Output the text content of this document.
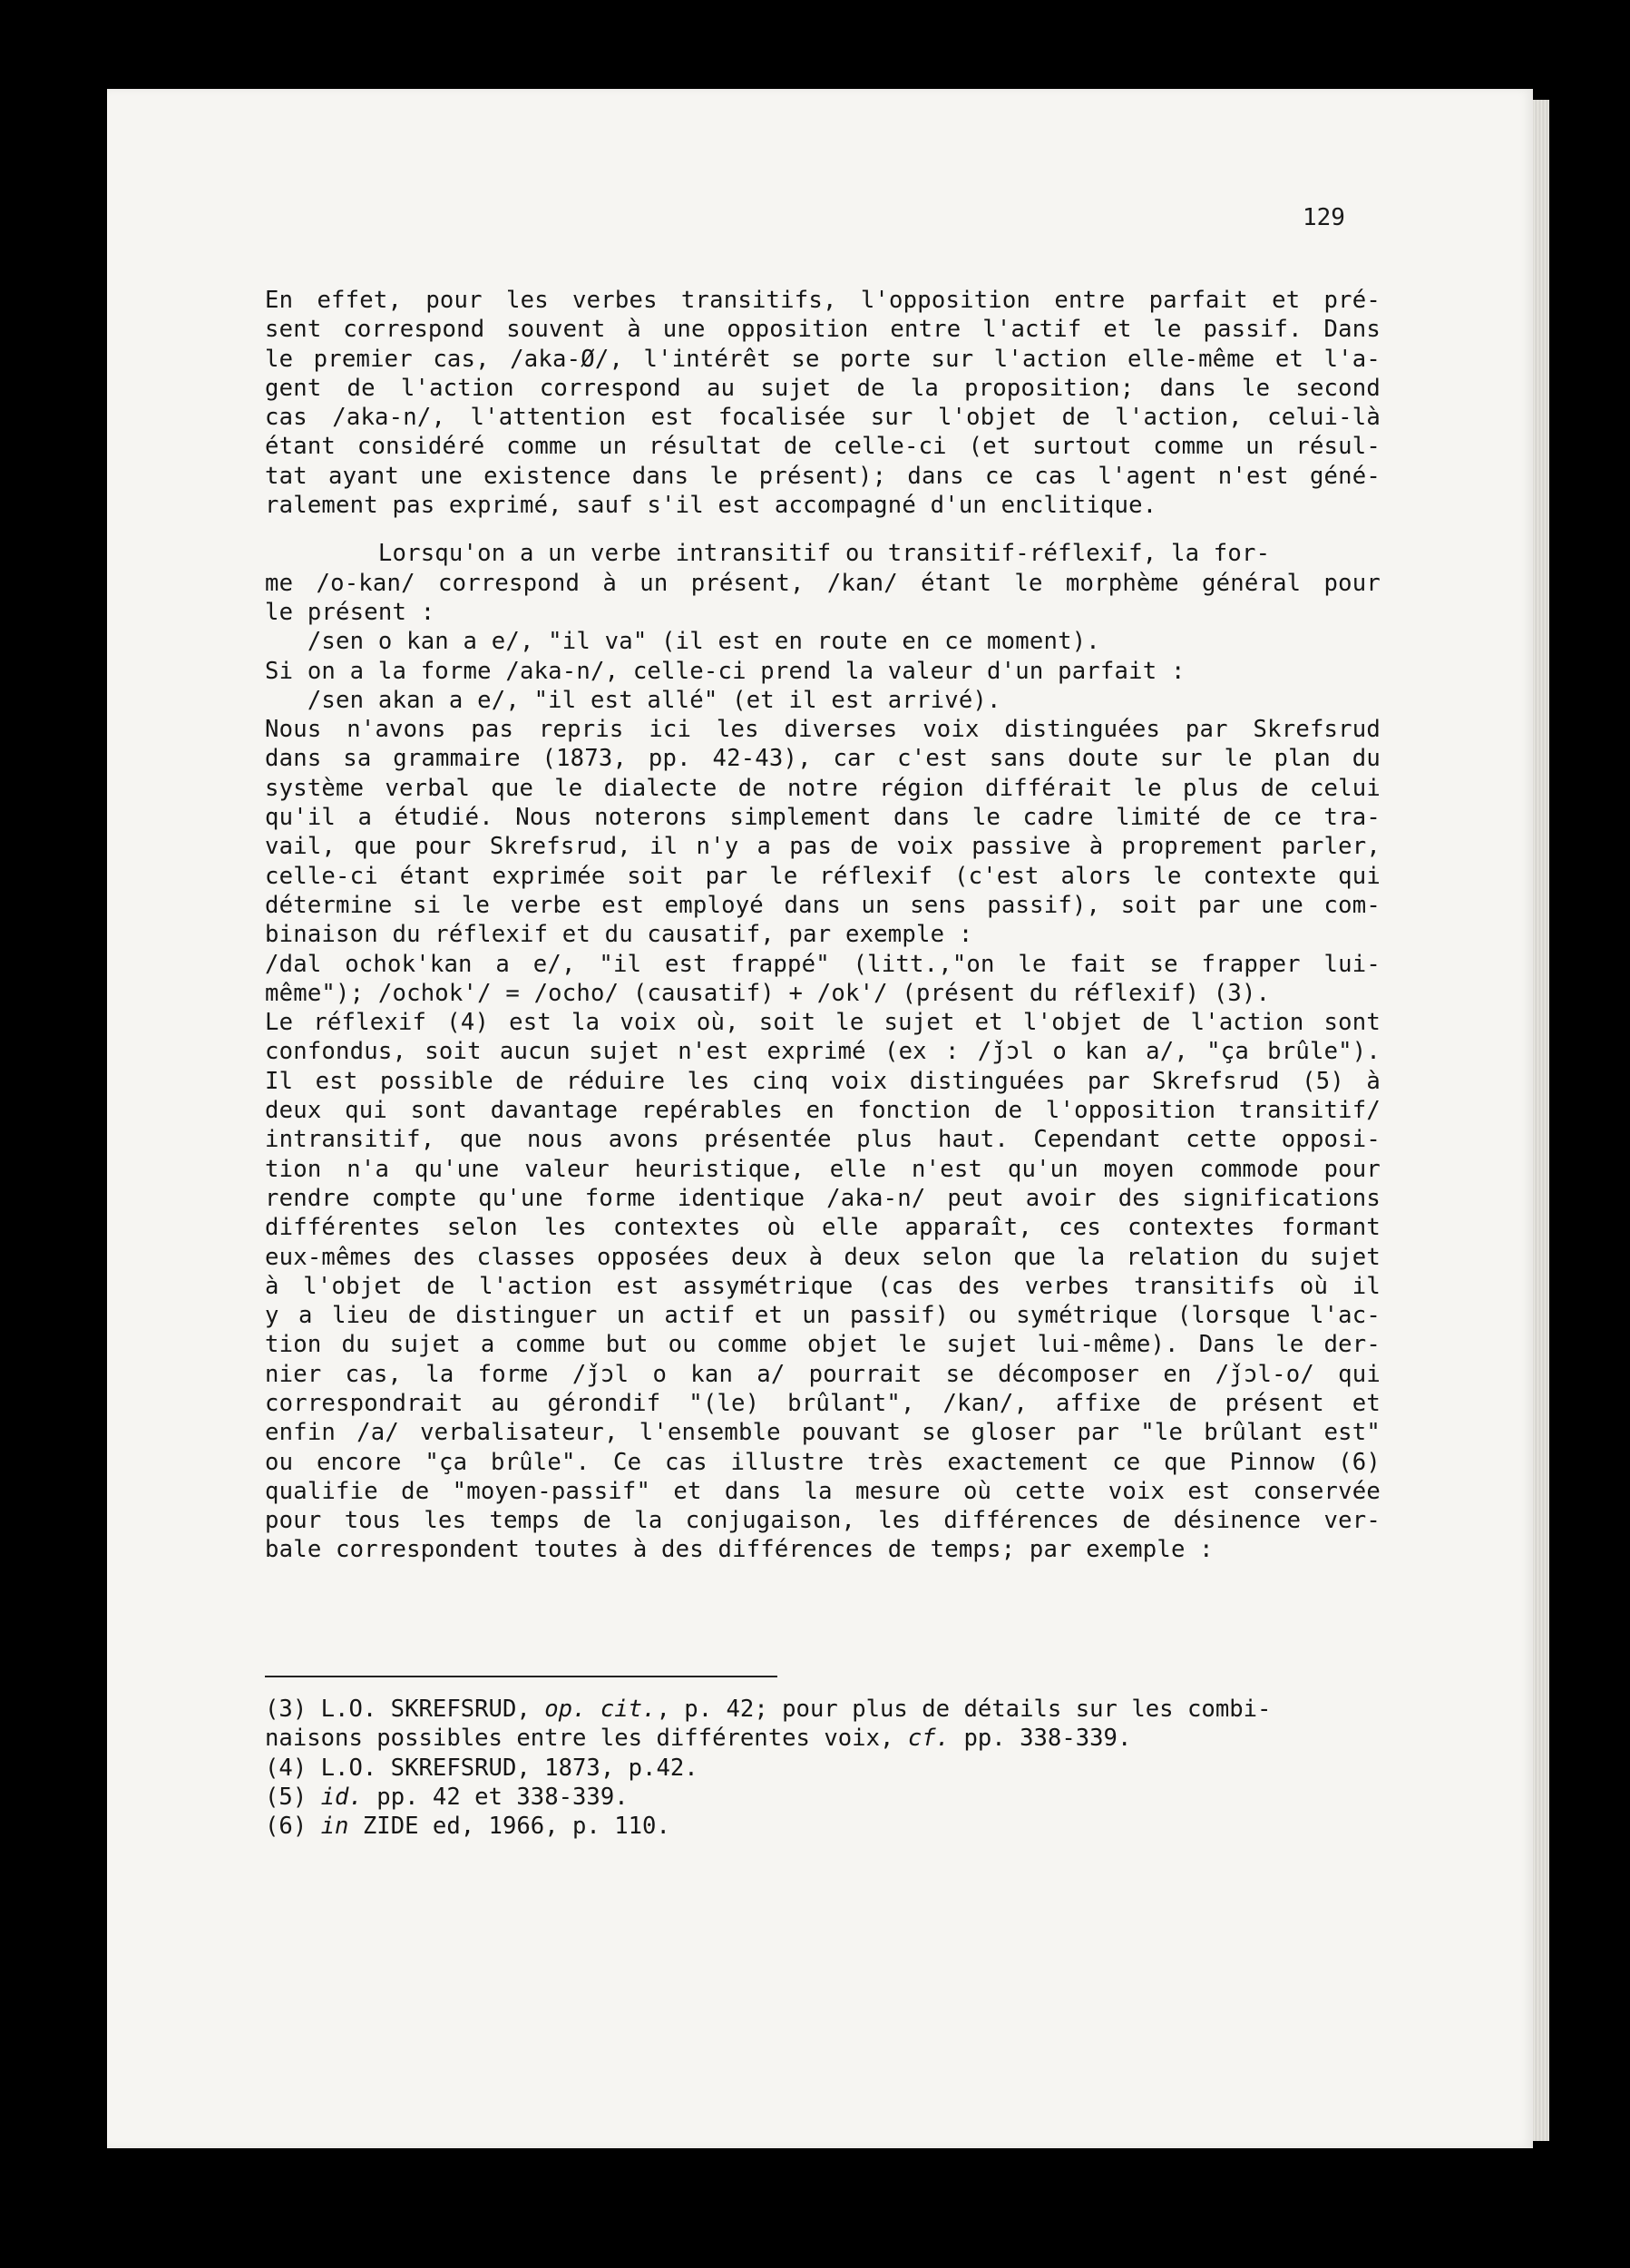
129
En effet, pour les verbes transitifs, l'opposition entre parfait et pré-
sent correspond souvent à une opposition entre l'actif et le passif. Dans
le premier cas, /aka-Ø/, l'intérêt se porte sur l'action elle-même et l'a-
gent de l'action correspond au sujet de la proposition; dans le second
cas /aka-n/, l'attention est focalisée sur l'objet de l'action, celui-là
étant considéré comme un résultat de celle-ci (et surtout comme un résul-
tat ayant une existence dans le présent); dans ce cas l'agent n'est géné-
ralement pas exprimé, sauf s'il est accompagné d'un enclitique.
Lorsqu'on a un verbe intransitif ou transitif-réflexif, la for-
me /o-kan/ correspond à un présent, /kan/ étant le morphème général pour
le présent :
/sen o kan a e/, "il va" (il est en route en ce moment).
Si on a la forme /aka-n/, celle-ci prend la valeur d'un parfait :
/sen akan a e/, "il est allé" (et il est arrivé).
Nous n'avons pas repris ici les diverses voix distinguées par Skrefsrud
dans sa grammaire (1873, pp. 42-43), car c'est sans doute sur le plan du
système verbal que le dialecte de notre région différait le plus de celui
qu'il a étudié. Nous noterons simplement dans le cadre limité de ce tra-
vail, que pour Skrefsrud, il n'y a pas de voix passive à proprement parler,
celle-ci étant exprimée soit par le réflexif (c'est alors le contexte qui
détermine si le verbe est employé dans un sens passif), soit par une com-
binaison du réflexif et du causatif, par exemple :
/dal ochok'kan a e/, "il est frappé" (litt.,"on le fait se frapper lui-
même"); /ochok'/ = /ocho/ (causatif) + /ok'/ (présent du réflexif) (3).
Le réflexif (4) est la voix où, soit le sujet et l'objet de l'action sont
confondus, soit aucun sujet n'est exprimé (ex : /ǰɔl o kan a/, "ça brûle").
Il est possible de réduire les cinq voix distinguées par Skrefsrud (5) à
deux qui sont davantage repérables en fonction de l'opposition transitif/
intransitif, que nous avons présentée plus haut. Cependant cette opposi-
tion n'a qu'une valeur heuristique, elle n'est qu'un moyen commode pour
rendre compte qu'une forme identique /aka-n/ peut avoir des significations
différentes selon les contextes où elle apparaît, ces contextes formant
eux-mêmes des classes opposées deux à deux selon que la relation du sujet
à l'objet de l'action est assymétrique (cas des verbes transitifs où il
y a lieu de distinguer un actif et un passif) ou symétrique (lorsque l'ac-
tion du sujet a comme but ou comme objet le sujet lui-même). Dans le der-
nier cas, la forme /ǰɔl o kan a/ pourrait se décomposer en /ǰɔl-o/ qui
correspondrait au gérondif "(le) brûlant", /kan/, affixe de présent et
enfin /a/ verbalisateur, l'ensemble pouvant se gloser par "le brûlant est"
ou encore "ça brûle". Ce cas illustre très exactement ce que Pinnow (6)
qualifie de "moyen-passif" et dans la mesure où cette voix est conservée
pour tous les temps de la conjugaison, les différences de désinence ver-
bale correspondent toutes à des différences de temps; par exemple :
(3) L.O. SKREFSRUD, op. cit., p. 42; pour plus de détails sur les combi-
naisons possibles entre les différentes voix, cf. pp. 338-339.
(4) L.O. SKREFSRUD, 1873, p.42.
(5) id. pp. 42 et 338-339.
(6) in ZIDE ed, 1966, p. 110.
